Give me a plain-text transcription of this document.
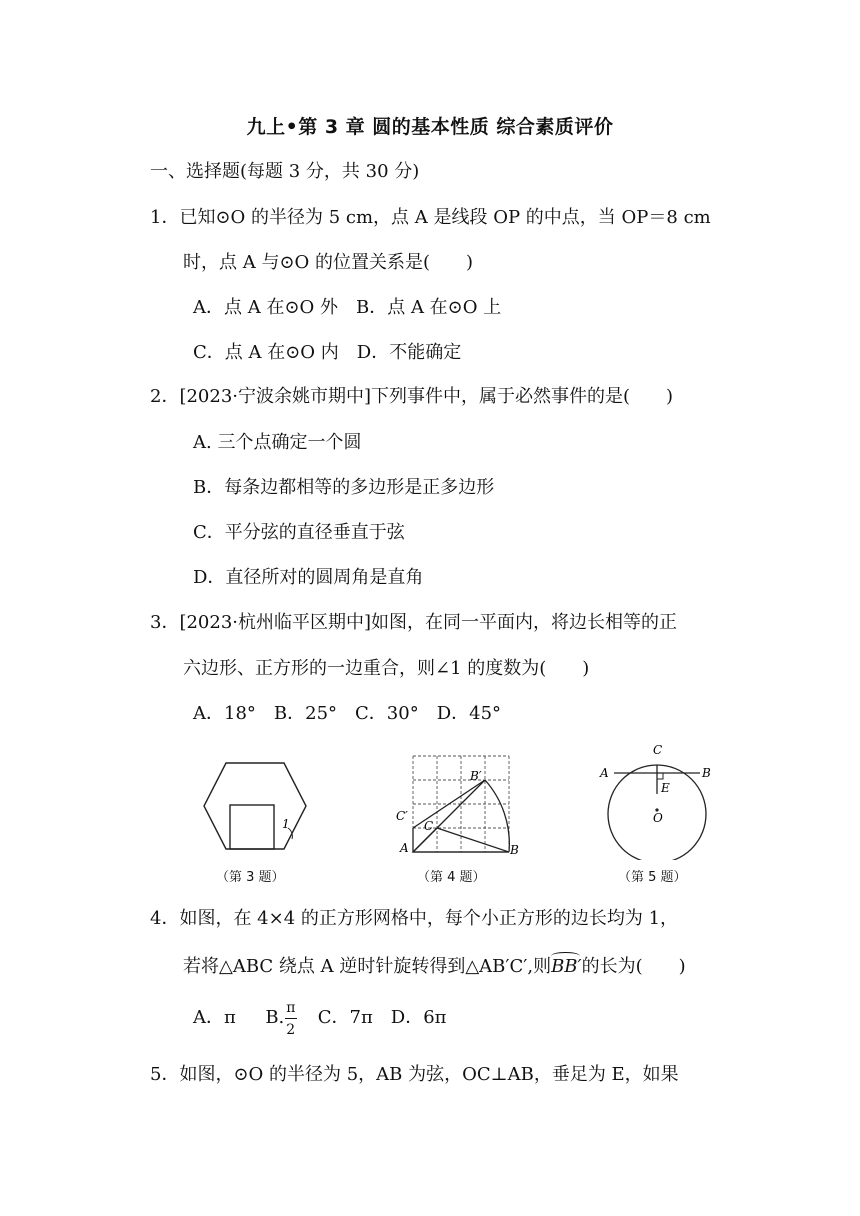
九上•第 3 章 圆的基本性质 综合素质评价
一、选择题(每题 3 分，共 30 分)
1．已知⊙O 的半径为 5 cm，点 A 是线段 OP 的中点，当 OP＝8 cm
时，点 A 与⊙O 的位置关系是(　　)
A．点 A 在⊙O 外　B．点 A 在⊙O 上
C．点 A 在⊙O 内　D．不能确定
2．[2023·宁波余姚市期中]下列事件中，属于必然事件的是(　　)
A. 三个点确定一个圆
B．每条边都相等的多边形是正多边形
C．平分弦的直径垂直于弦
D．直径所对的圆周角是直角
3．[2023·杭州临平区期中]如图，在同一平面内，将边长相等的正
六边形、正方形的一边重合，则∠1 的度数为(　　)
A．18°　B．25°　C．30°　D．45°
1
（第 3 题）
A	B
C
B′
C′
（第 4 题）
A	B
C
E
O
（第 5 题）
4．如图，在 4×4 的正方形网格中，每个小正方形的边长均为 1，
若将△ABC 绕点 A 逆时针旋转得到△AB′C′,则BB′的长为(　　)
A．π B. $\frac{\pi}{2}$ C．7π　D．6π
5．如图，⊙O 的半径为 5，AB 为弦，OC⊥AB，垂足为 E，如果
